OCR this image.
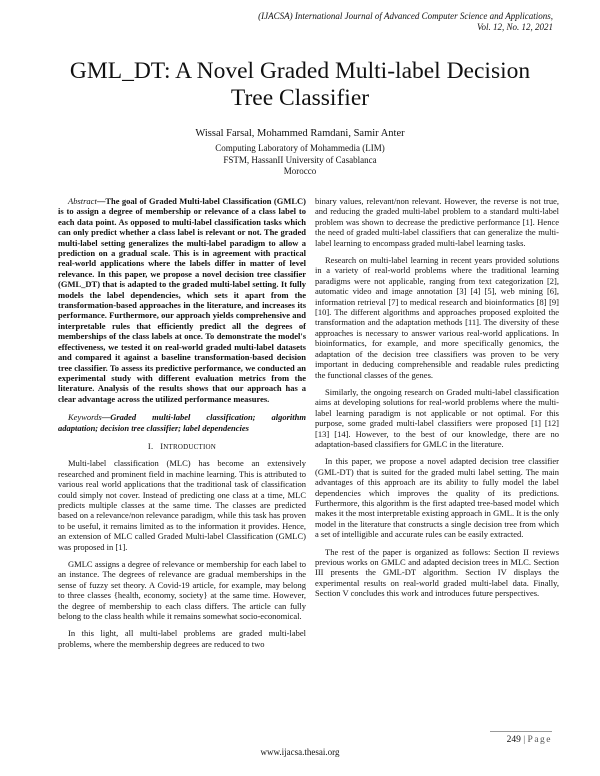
(IJACSA) International Journal of Advanced Computer Science and Applications,
Vol. 12, No. 12, 2021
GML_DT: A Novel Graded Multi-label Decision
Tree Classifier
Wissal Farsal, Mohammed Ramdani, Samir Anter
Computing Laboratory of Mohammedia (LIM)
FSTM, HassanII University of Casablanca
Morocco

Abstract—The goal of Graded Multi-label Classification (GMLC) is to assign a degree of membership or relevance of a class label to each data point. As opposed to multi-label classification tasks which can only predict whether a class label is relevant or not. The graded multi-label setting generalizes the multi-label paradigm to allow a prediction on a gradual scale. This is in agreement with practical real-world applications where the labels differ in matter of level relevance. In this paper, we propose a novel decision tree classifier (GML_DT) that is adapted to the graded multi-label setting. It fully models the label dependencies, which sets it apart from the transformation-based approaches in the literature, and increases its performance. Furthermore, our approach yields comprehensive and interpretable rules that efficiently predict all the degrees of memberships of the class labels at once. To demonstrate the model's effectiveness, we tested it on real-world graded multi-label datasets and compared it against a baseline transformation-based decision tree classifier. To assess its predictive performance, we conducted an experimental study with different evaluation metrics from the literature. Analysis of the results shows that our approach has a clear advantage across the utilized performance measures.

Keywords—Graded multi-label classification; algorithm adaptation; decision tree classifier; label dependencies

I. INTRODUCTION

Multi-label classification (MLC) has become an extensively researched and prominent field in machine learning. This is attributed to various real world applications that the traditional task of classification could simply not cover. Instead of predicting one class at a time, MLC predicts multiple classes at the same time. The classes are predicted based on a relevance/non relevance paradigm, while this task has proven to be useful, it remains limited as to the information it provides. Hence, an extension of MLC called Graded Multi-label Classification (GMLC) was proposed in [1].

GMLC assigns a degree of relevance or membership for each label to an instance. The degrees of relevance are gradual memberships in the sense of fuzzy set theory. A Covid-19 article, for example, may belong to three classes {health, economy, society} at the same time. However, the degree of membership to each class differs. The article can fully belong to the class health while it remains somewhat socio-economical.

In this light, all multi-label problems are graded multi-label problems, where the membership degrees are reduced to two

binary values, relevant/non relevant. However, the reverse is not true, and reducing the graded multi-label problem to a standard multi-label problem was shown to decrease the predictive performance [1]. Hence the need of graded multi-label classifiers that can generalize the multi-label learning to encompass graded multi-label learning tasks.

Research on multi-label learning in recent years provided solutions in a variety of real-world problems where the traditional learning paradigms were not applicable, ranging from text categorization [2], automatic video and image annotation [3] [4] [5], web mining [6], information retrieval [7] to medical research and bioinformatics [8] [9] [10]. The different algorithms and approaches proposed exploited the transformation and the adaptation methods [11]. The diversity of these approaches is necessary to answer various real-world applications. In bioinformatics, for example, and more specifically genomics, the adaptation of the decision tree classifiers was proven to be very important in deducing comprehensible and readable rules predicting the functional classes of the genes.

Similarly, the ongoing research on Graded multi-label classification aims at developing solutions for real-world problems where the multi-label learning paradigm is not applicable or not optimal. For this purpose, some graded multi-label classifiers were proposed [1] [12] [13] [14]. However, to the best of our knowledge, there are no adaptation-based classifiers for GMLC in the literature.

In this paper, we propose a novel adapted decision tree classifier (GML-DT) that is suited for the graded multi label setting. The main advantages of this approach are its ability to fully model the label dependencies which improves the quality of its predictions. Furthermore, this algorithm is the first adapted tree-based model which makes it the most interpretable existing approach in GML. It is the only model in the literature that constructs a single decision tree from which a set of intelligible and accurate rules can be easily extracted.

The rest of the paper is organized as follows: Section II reviews previous works on GMLC and adapted decision trees in MLC. Section III presents the GML-DT algorithm. Section IV displays the experimental results on real-world graded multi-label data. Finally, Section V concludes this work and introduces future perspectives.

249 | Page
www.ijacsa.thesai.org
